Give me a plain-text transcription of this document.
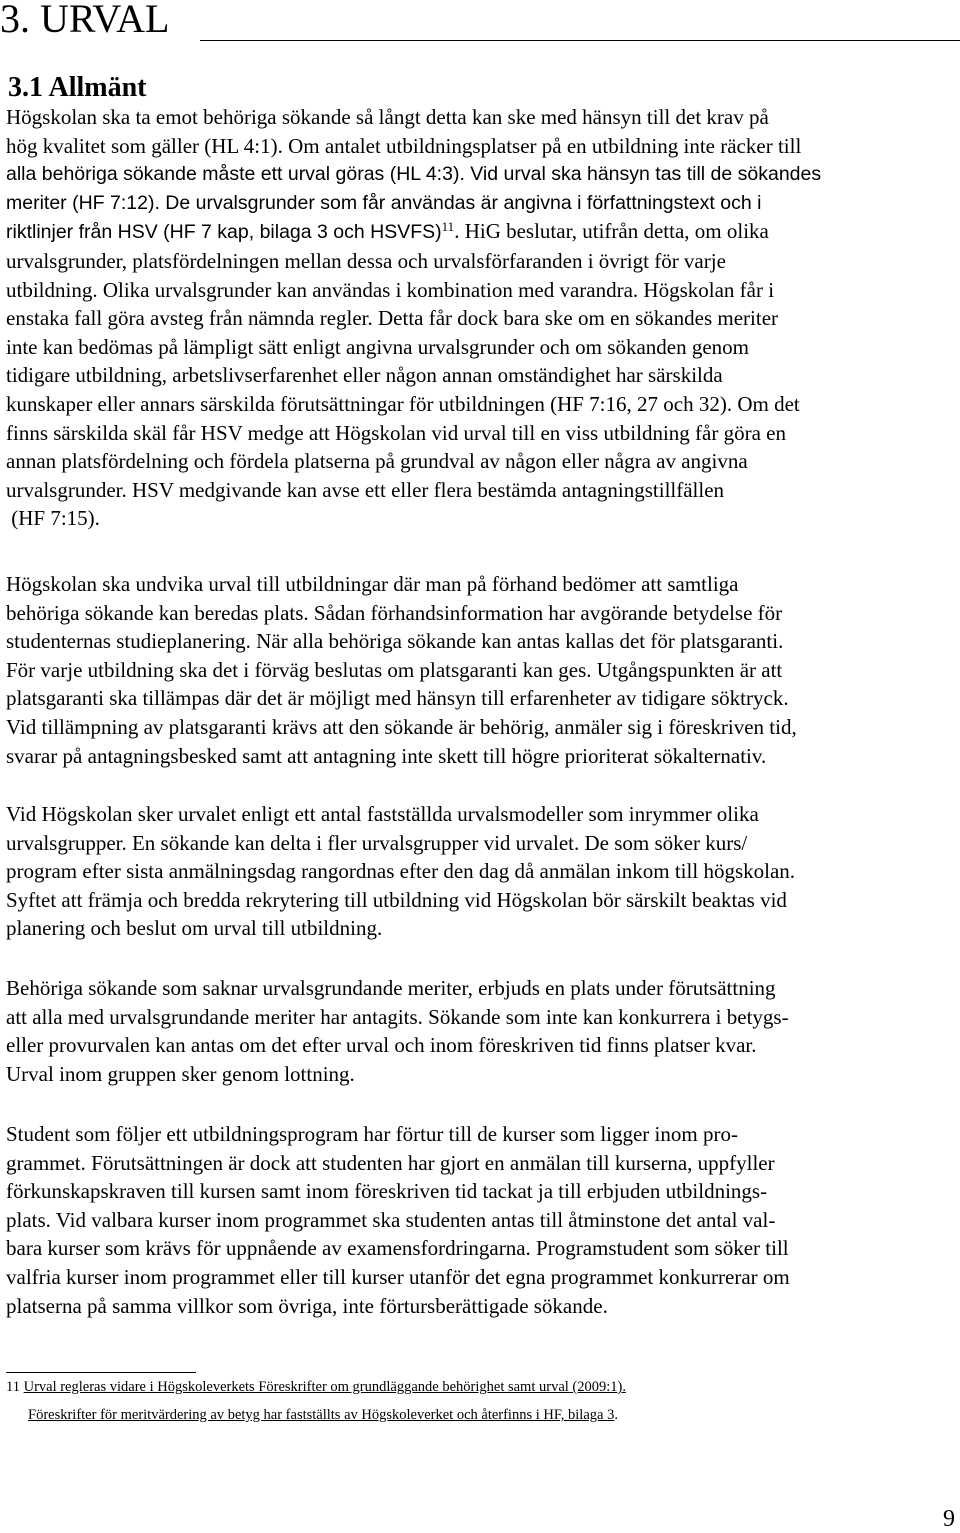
3. URVAL
3.1 Allmänt
Högskolan ska ta emot behöriga sökande så långt detta kan ske med hänsyn till det krav på
hög kvalitet som gäller (HL 4:1). Om antalet utbildningsplatser på en utbildning inte räcker till
alla behöriga sökande måste ett urval göras (HL 4:3). Vid urval ska hänsyn tas till de sökandes
meriter (HF 7:12). De urvalsgrunder som får användas är angivna i författningstext och i
riktlinjer från HSV (HF 7 kap, bilaga 3 och HSVFS)$^{11}$. HiG beslutar, utifrån detta, om olika
urvalsgrunder, platsfördelningen mellan dessa och urvalsförfaranden i övrigt för varje
utbildning. Olika urvalsgrunder kan användas i kombination med varandra. Högskolan får i
enstaka fall göra avsteg från nämnda regler. Detta får dock bara ske om en sökandes meriter
inte kan bedömas på lämpligt sätt enligt angivna urvalsgrunder och om sökanden genom
tidigare utbildning, arbetslivserfarenhet eller någon annan omständighet har särskilda
kunskaper eller annars särskilda förutsättningar för utbildningen (HF 7:16, 27 och 32). Om det
finns särskilda skäl får HSV medge att Högskolan vid urval till en viss utbildning får göra en
annan platsfördelning och fördela platserna på grundval av någon eller några av angivna
urvalsgrunder. HSV medgivande kan avse ett eller flera bestämda antagningstillfällen
(HF 7:15).
Högskolan ska undvika urval till utbildningar där man på förhand bedömer att samtliga
behöriga sökande kan beredas plats. Sådan förhandsinformation har avgörande betydelse för
studenternas studieplanering. När alla behöriga sökande kan antas kallas det för platsgaranti.
För varje utbildning ska det i förväg beslutas om platsgaranti kan ges. Utgångspunkten är att
platsgaranti ska tillämpas där det är möjligt med hänsyn till erfarenheter av tidigare söktryck.
Vid tillämpning av platsgaranti krävs att den sökande är behörig, anmäler sig i föreskriven tid,
svarar på antagningsbesked samt att antagning inte skett till högre prioriterat sökalternativ.
Vid Högskolan sker urvalet enligt ett antal fastställda urvalsmodeller som inrymmer olika
urvalsgrupper. En sökande kan delta i fler urvalsgrupper vid urvalet. De som söker kurs/
program efter sista anmälningsdag rangordnas efter den dag då anmälan inkom till högskolan.
Syftet att främja och bredda rekrytering till utbildning vid Högskolan bör särskilt beaktas vid
planering och beslut om urval till utbildning.
Behöriga sökande som saknar urvalsgrundande meriter, erbjuds en plats under förutsättning
att alla med urvalsgrundande meriter har antagits. Sökande som inte kan konkurrera i betygs-
eller provurvalen kan antas om det efter urval och inom föreskriven tid finns platser kvar.
Urval inom gruppen sker genom lottning.
Student som följer ett utbildningsprogram har förtur till de kurser som ligger inom pro-
grammet. Förutsättningen är dock att studenten har gjort en anmälan till kurserna, uppfyller
förkunskapskraven till kursen samt inom föreskriven tid tackat ja till erbjuden utbildnings-
plats. Vid valbara kurser inom programmet ska studenten antas till åtminstone det antal val-
bara kurser som krävs för uppnående av examensfordringarna. Programstudent som söker till
valfria kurser inom programmet eller till kurser utanför det egna programmet konkurrerar om
platserna på samma villkor som övriga, inte förtursberättigade sökande.
11 Urval regleras vidare i Högskoleverkets Föreskrifter om grundläggande behörighet samt urval (2009:1).
Föreskrifter för meritvärdering av betyg har fastställts av Högskoleverket och återfinns i HF, bilaga 3.
9
